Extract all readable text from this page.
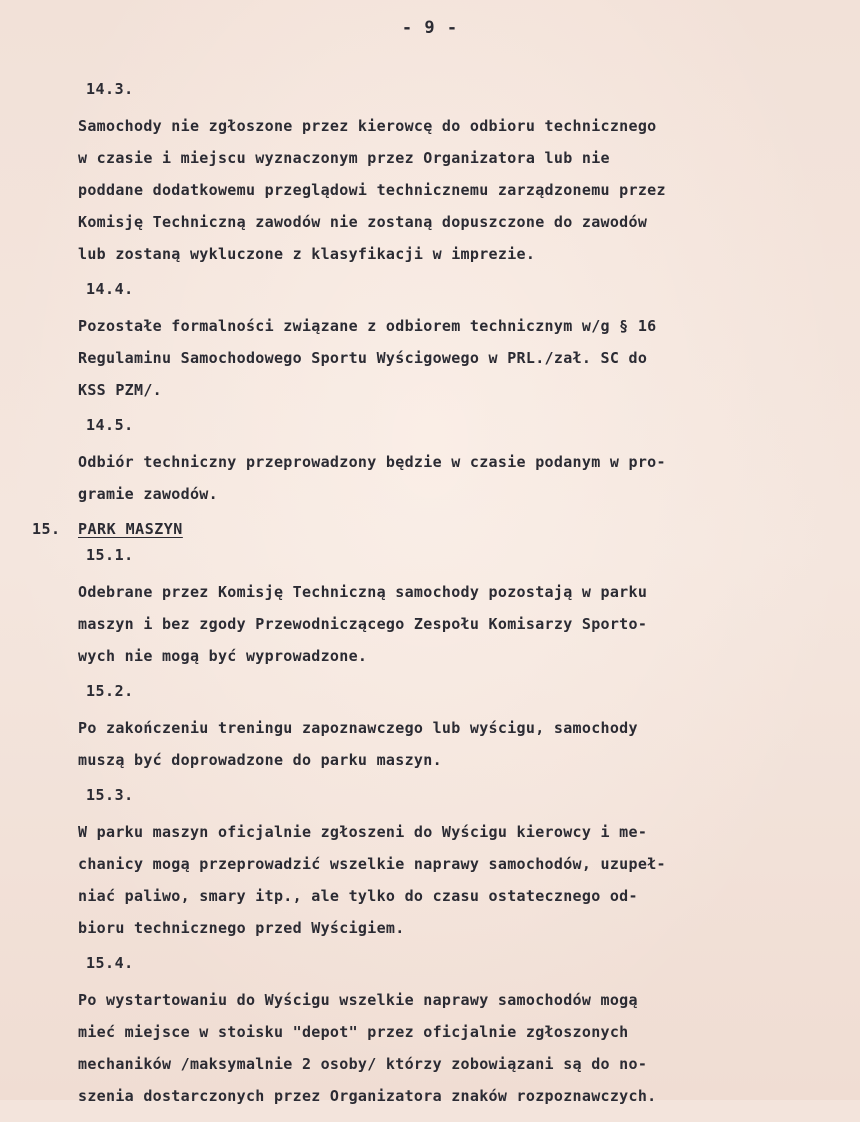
- 9 -
14.3.
Samochody nie zgłoszone przez kierowcę do odbioru technicznego
w czasie i miejscu wyznaczonym przez Organizatora lub nie
poddane dodatkowemu przeglądowi technicznemu zarządzonemu przez
Komisję Techniczną zawodów nie zostaną dopuszczone do zawodów
lub zostaną wykluczone z klasyfikacji w imprezie.
14.4.
Pozostałe formalności związane z odbiorem technicznym w/g § 16
Regulaminu Samochodowego Sportu Wyścigowego w PRL./zał. SC do
KSS PZM/.
14.5.
Odbiór techniczny przeprowadzony będzie w czasie podanym w pro-
gramie zawodów.
15. PARK MASZYN
15.1.
Odebrane przez Komisję Techniczną samochody pozostają w parku
maszyn i bez zgody Przewodniczącego Zespołu Komisarzy Sporto-
wych nie mogą być wyprowadzone.
15.2.
Po zakończeniu treningu zapoznawczego lub wyścigu, samochody
muszą być doprowadzone do parku maszyn.
15.3.
W parku maszyn oficjalnie zgłoszeni do Wyścigu kierowcy i me-
chanicy mogą przeprowadzić wszelkie naprawy samochodów, uzupeł-
niać paliwo, smary itp., ale tylko do czasu ostatecznego od-
bioru technicznego przed Wyścigiem.
15.4.
Po wystartowaniu do Wyścigu wszelkie naprawy samochodów mogą
mieć miejsce w stoisku "depot" przez oficjalnie zgłoszonych
mechaników /maksymalnie 2 osoby/ którzy zobowiązani są do no-
szenia dostarczonych przez Organizatora znaków rozpoznawczych.
